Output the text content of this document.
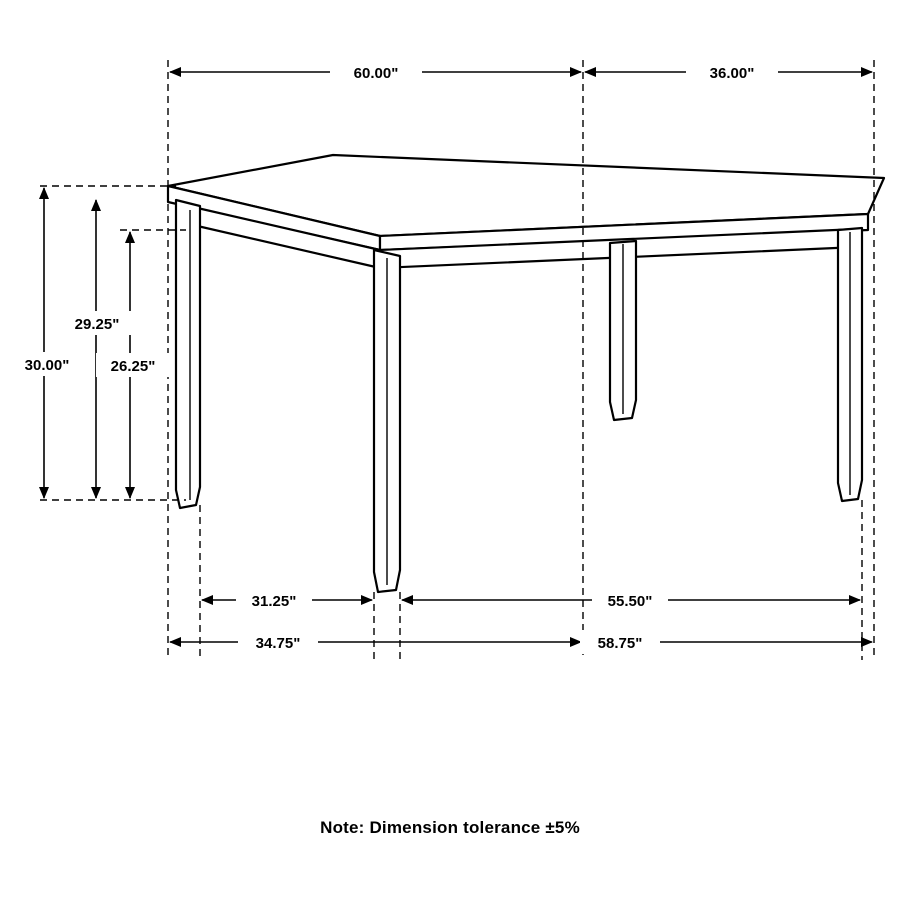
60.00"	36.00"
30.00"
29.25"
26.25"
31.25"	55.50"
34.75"	58.75"
Note: Dimension tolerance ±5%
